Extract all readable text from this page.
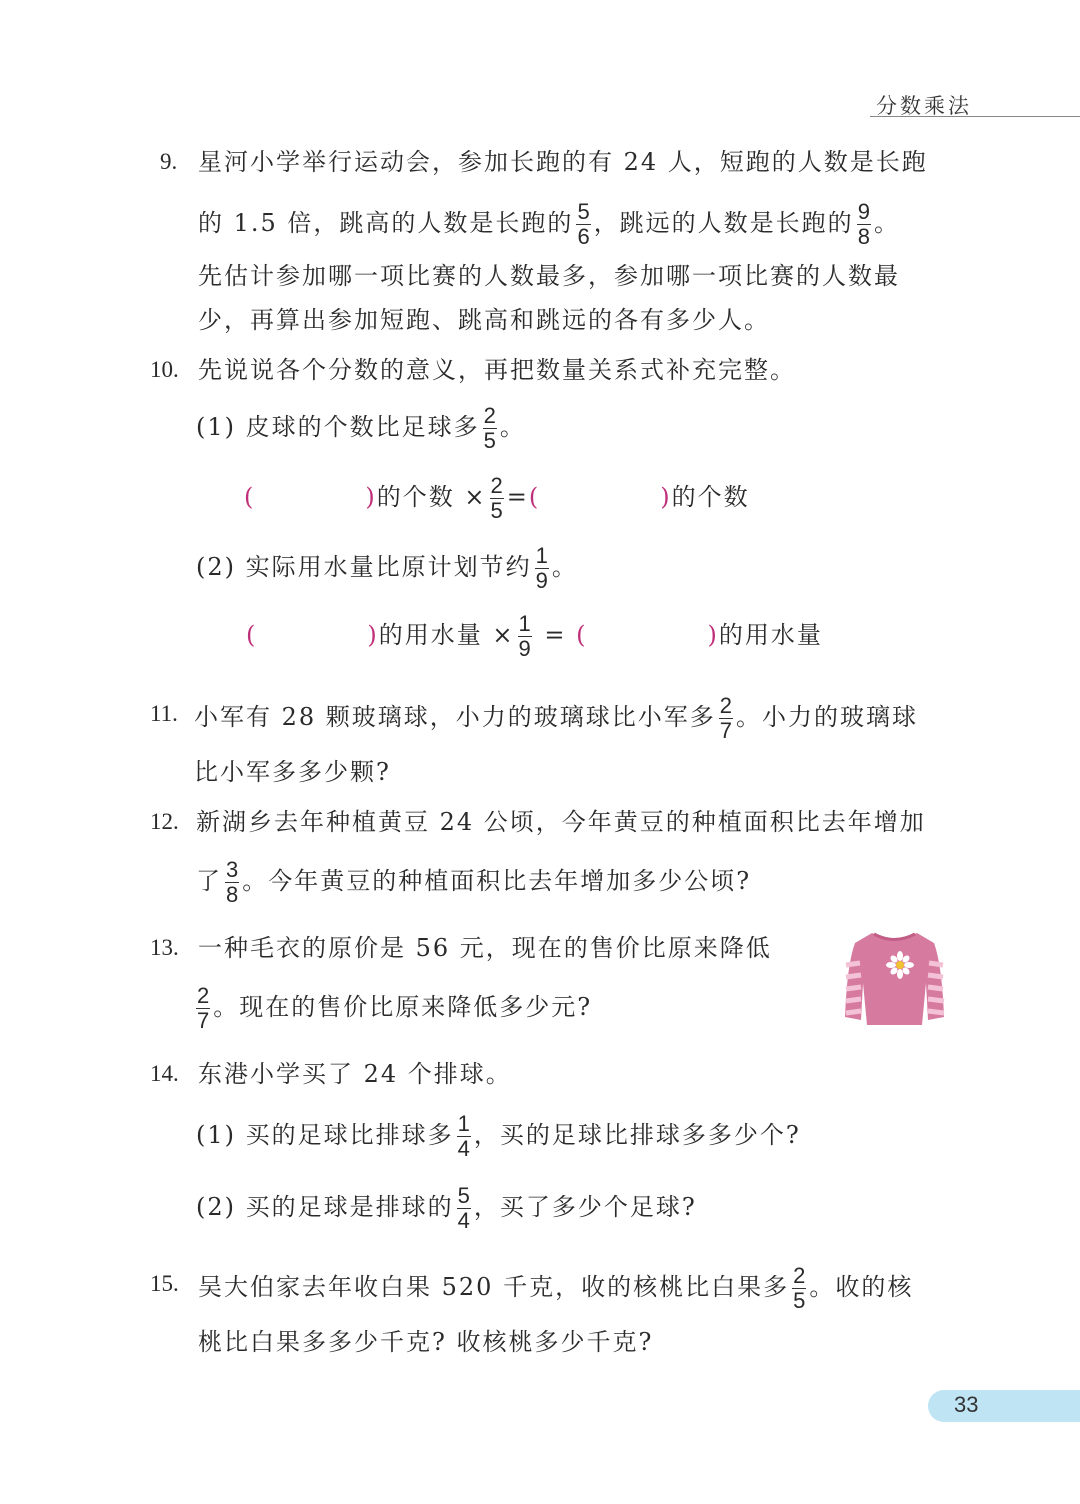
分数乘法
9. 星河小学举行运动会，参加长跑的有 24 人，短跑的人数是长跑
的 1.5 倍，跳高的人数是长跑的 $\frac{5}{6}$ ，跳远的人数是长跑的 $\frac{9}{8}$ 。
先估计参加哪一项比赛的人数最多，参加哪一项比赛的人数最
少，再算出参加短跑、跳高和跳远的各有多少人。
10. 先说说各个分数的意义，再把数量关系式补充完整。
(1) 皮球的个数比足球多 $\frac{2}{5}$ 。
(	)的个数 × $\frac{2}{5}$ =(	)的个数
(2) 实际用水量比原计划节约 $\frac{1}{9}$ 。
(	)的用水量 × $\frac{1}{9}$ = (	)的用水量
11. 小军有 28 颗玻璃球，小力的玻璃球比小军多 $\frac{2}{7}$ 。小力的玻璃球
比小军多多少颗?
12. 新湖乡去年种植黄豆 24 公顷，今年黄豆的种植面积比去年增加
了 $\frac{3}{8}$ 。今年黄豆的种植面积比去年增加多少公顷?
13. 一种毛衣的原价是 56 元，现在的售价比原来降低
$\frac{2}{7}$ 。现在的售价比原来降低多少元?
14. 东港小学买了 24 个排球。
(1) 买的足球比排球多 $\frac{1}{4}$ ，买的足球比排球多多少个?
(2) 买的足球是排球的 $\frac{5}{4}$ ，买了多少个足球?
15. 吴大伯家去年收白果 520 千克，收的核桃比白果多 $\frac{2}{5}$ 。收的核
桃比白果多多少千克? 收核桃多少千克?
33
